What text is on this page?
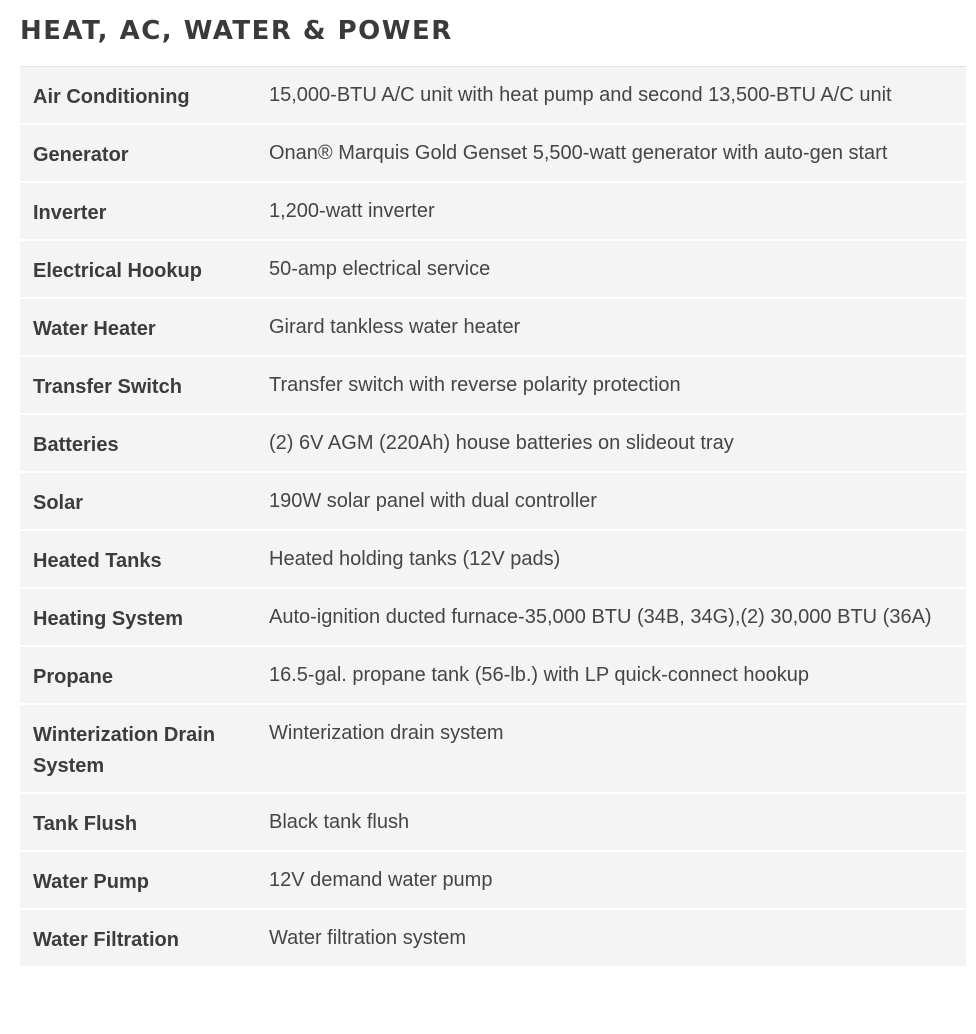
HEAT, AC, WATER & POWER
Air Conditioning	15,000-BTU A/C unit with heat pump and second 13,500-BTU A/C unit
Generator	Onan® Marquis Gold Genset 5,500-watt generator with auto-gen start
Inverter	1,200-watt inverter
Electrical Hookup	50-amp electrical service
Water Heater	Girard tankless water heater
Transfer Switch	Transfer switch with reverse polarity protection
Batteries	(2) 6V AGM (220Ah) house batteries on slideout tray
Solar	190W solar panel with dual controller
Heated Tanks	Heated holding tanks (12V pads)
Heating System	Auto-ignition ducted furnace-35,000 BTU (34B, 34G),(2) 30,000 BTU (36A)
Propane	16.5-gal. propane tank (56-lb.) with LP quick-connect hookup
Winterization Drain System	Winterization drain system
Tank Flush	Black tank flush
Water Pump	12V demand water pump
Water Filtration	Water filtration system
